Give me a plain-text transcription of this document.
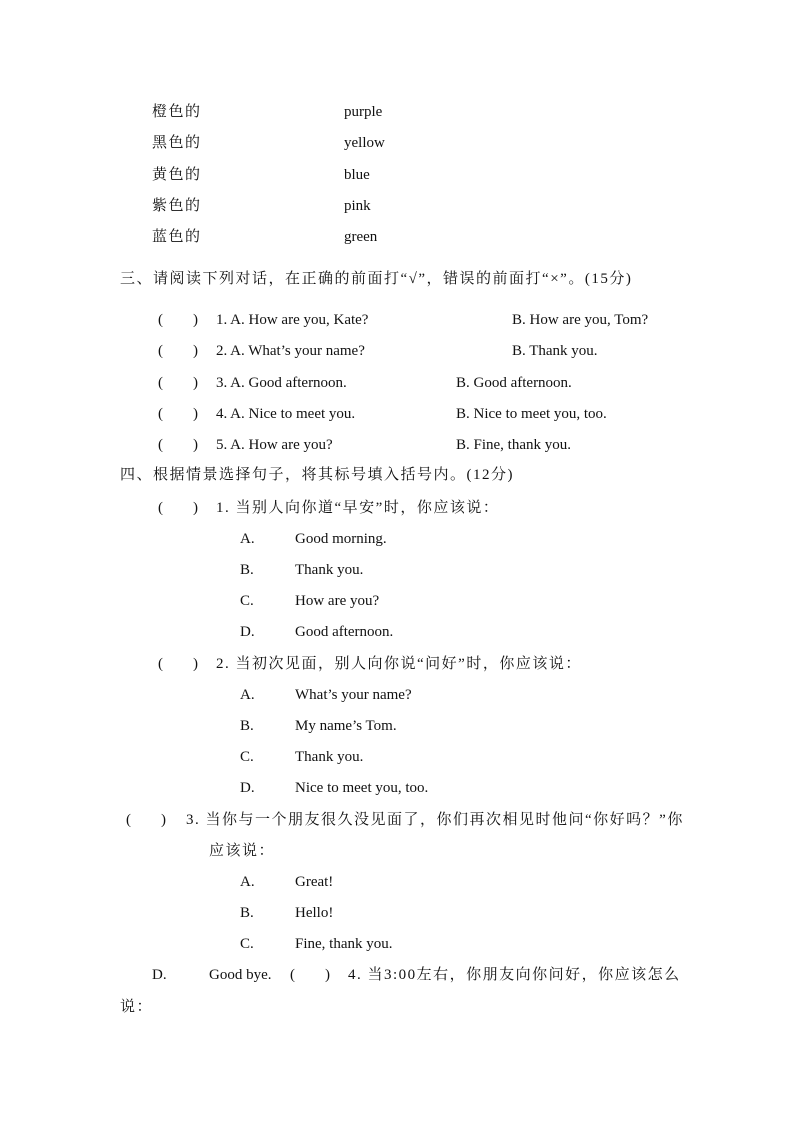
橙色的	purple
黑色的	yellow
黄色的	blue
紫色的	pink
蓝色的	green
三、请阅读下列对话，在正确的前面打“√”，错误的前面打“×”。(15分)
(　　) 1. A. How are you, Kate?	B. How are you, Tom?
(　　) 2. A. What’s your name?	B. Thank you.
(　　) 3. A. Good afternoon.	B. Good afternoon.
(　　) 4. A. Nice to meet you.	B. Nice to meet you, too.
(　　) 5. A. How are you?	B. Fine, thank you.
四、根据情景选择句子，将其标号填入括号内。(12分)
(　　) 1. 当别人向你道“早安”时，你应该说：
A.	Good morning.
B.	Thank you.
C.	How are you?
D.	Good afternoon.
(　　) 2. 当初次见面，别人向你说“问好”时，你应该说：
A.	What’s your name?
B.	My name’s Tom.
C.	Thank you.
D.	Nice to meet you, too.
(　　) 3. 当你与一个朋友很久没见面了，你们再次相见时他问“你好吗？”你
应该说：
A.	Great!
B.	Hello!
C.	Fine, thank you.
D.	Good bye. (　　) 4. 当3:00左右，你朋友向你问好，你应该怎么
说：
